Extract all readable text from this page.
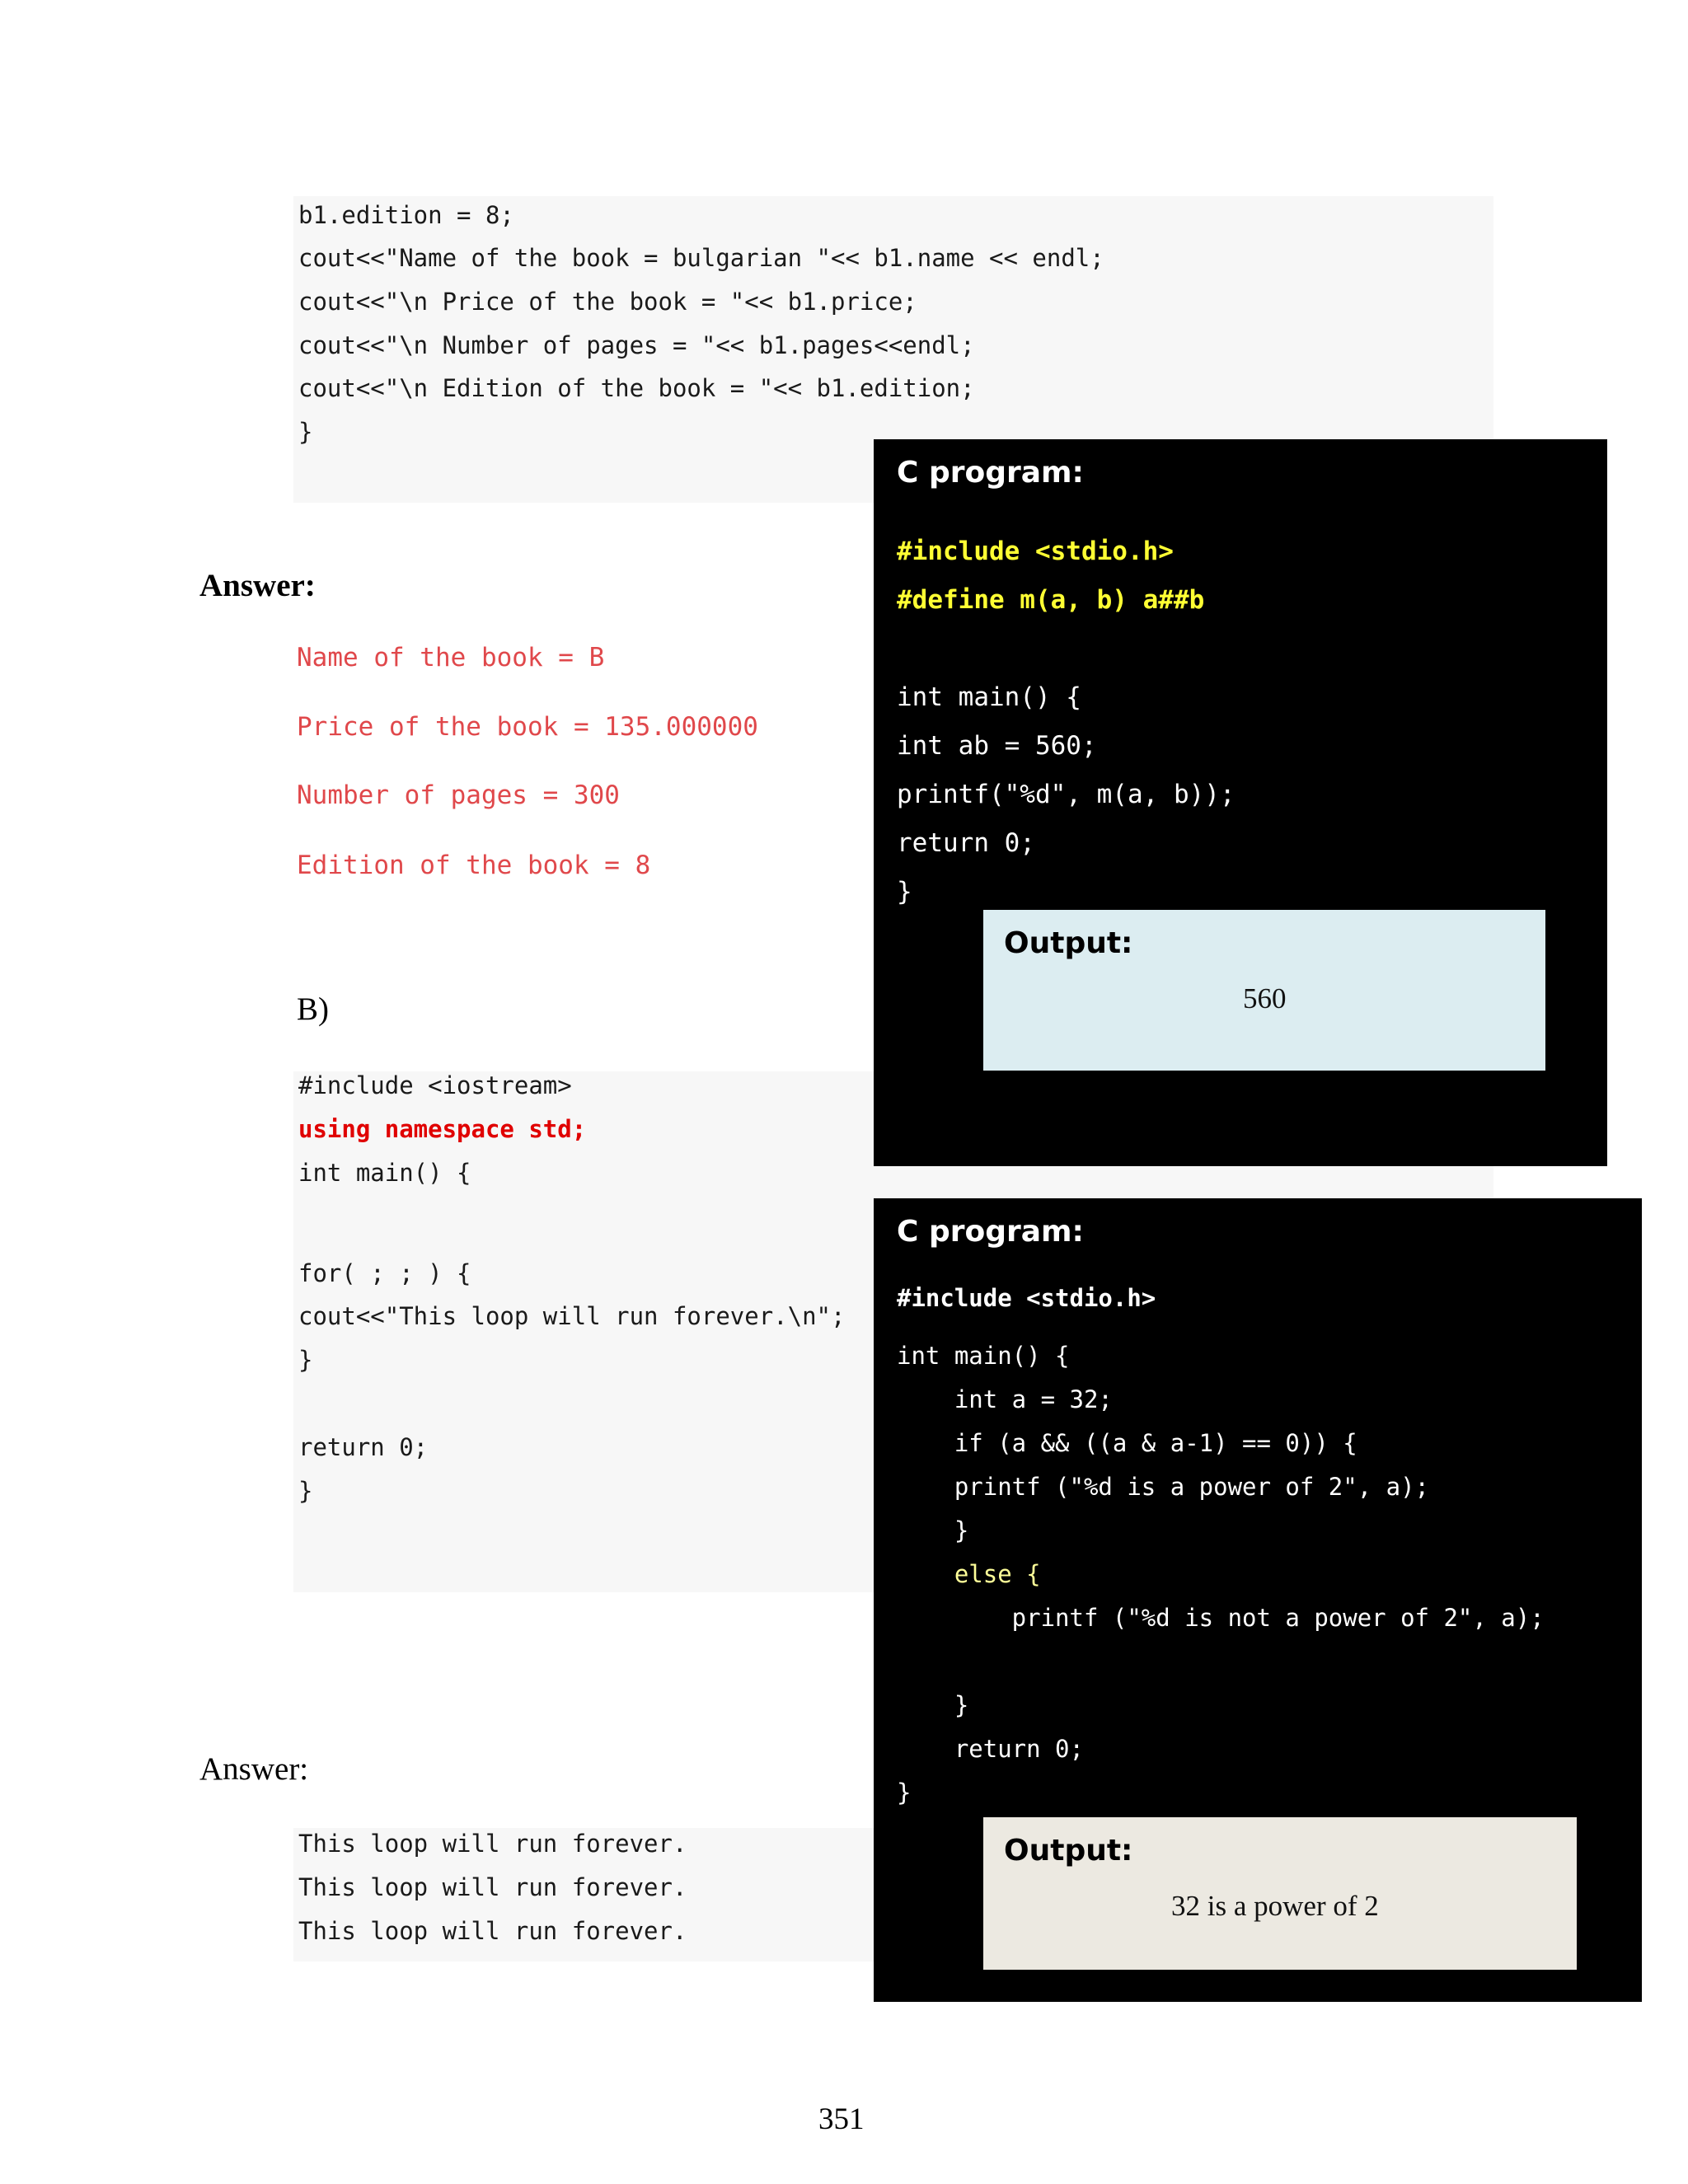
b1.edition = 8;
cout<<"Name of the book = bulgarian "<< b1.name << endl;
cout<<"\n Price of the book = "<< b1.price;
cout<<"\n Number of pages = "<< b1.pages<<endl;
cout<<"\n Edition of the book = "<< b1.edition;
}
Answer:
Name of the book = B
Price of the book = 135.000000
Number of pages = 300
Edition of the book = 8
B)
#include <iostream>
using namespace std;
int main() {
for( ; ; ) {
cout<<"This loop will run forever.\n";
}
return 0;
}
Answer:
This loop will run forever.
This loop will run forever.
This loop will run forever.
C program:
#include <stdio.h>
#define m(a, b) a##b
int main() {
int ab = 560;
printf("%d", m(a, b));
return 0;
}
Output:
560
C program:
#include <stdio.h>
int main() {
int a = 32;
if (a && ((a & a-1) == 0)) {
printf ("%d is a power of 2", a);
}
else {
printf ("%d is not a power of 2", a);
}
return 0;
}
Output:
32 is a power of 2
351
